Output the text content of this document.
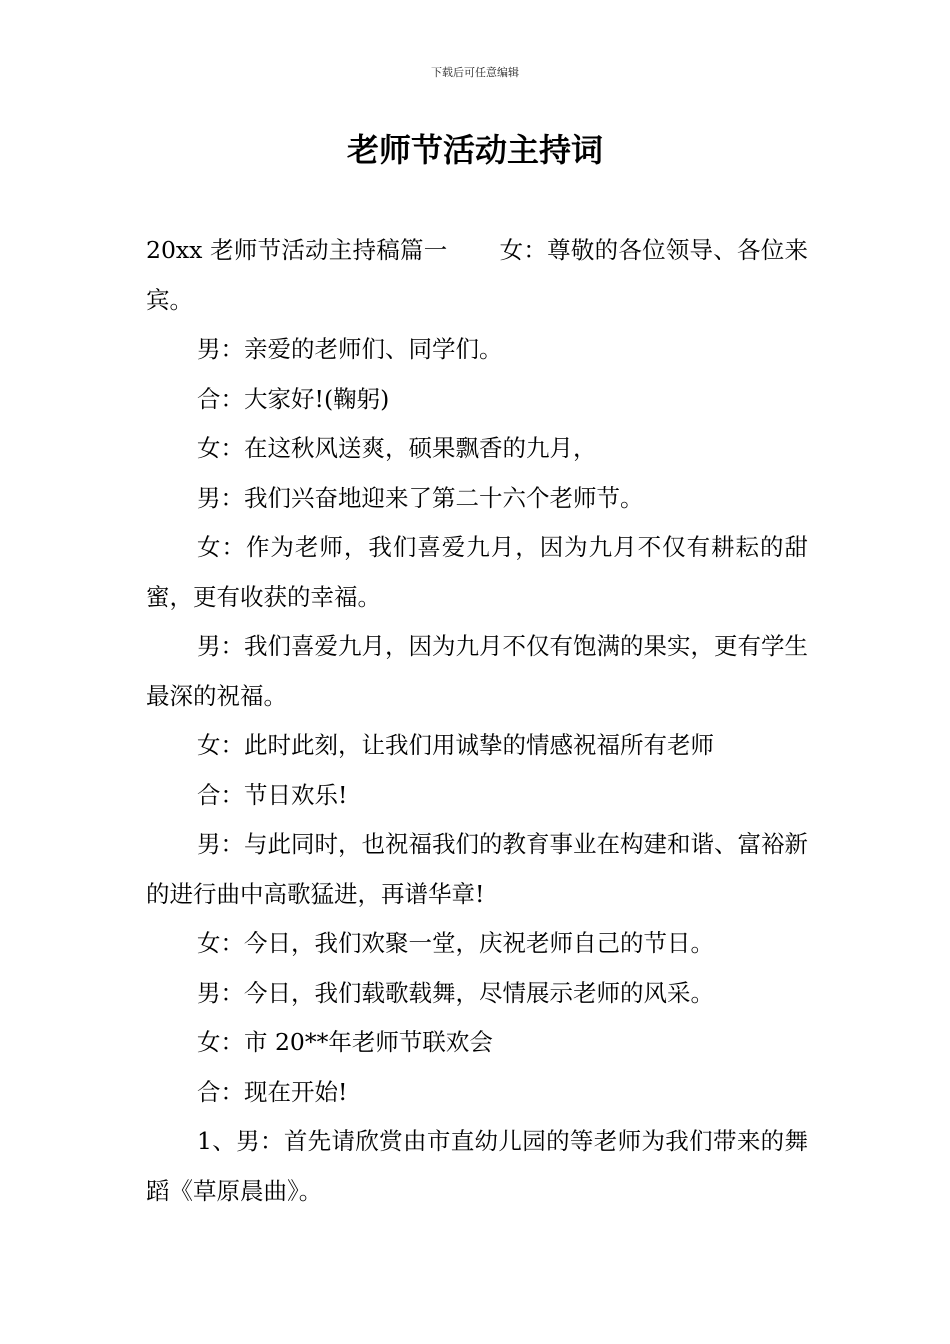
下载后可任意编辑
老师节活动主持词

20xx 老师节活动主持稿篇一 女：尊敬的各位领导、各位来宾。

男：亲爱的老师们、同学们。

合：大家好!(鞠躬)

女：在这秋风送爽，硕果飘香的九月，

男：我们兴奋地迎来了第二十六个老师节。

女：作为老师，我们喜爱九月，因为九月不仅有耕耘的甜蜜，更有收获的幸福。

男：我们喜爱九月，因为九月不仅有饱满的果实，更有学生最深的祝福。

女：此时此刻，让我们用诚挚的情感祝福所有老师

合：节日欢乐!

男：与此同时，也祝福我们的教育事业在构建和谐、富裕新的进行曲中高歌猛进，再谱华章!

女：今日，我们欢聚一堂，庆祝老师自己的节日。

男：今日，我们载歌载舞，尽情展示老师的风采。

女：市 20**年老师节联欢会

合：现在开始!

1、男：首先请欣赏由市直幼儿园的等老师为我们带来的舞蹈《草原晨曲》。
